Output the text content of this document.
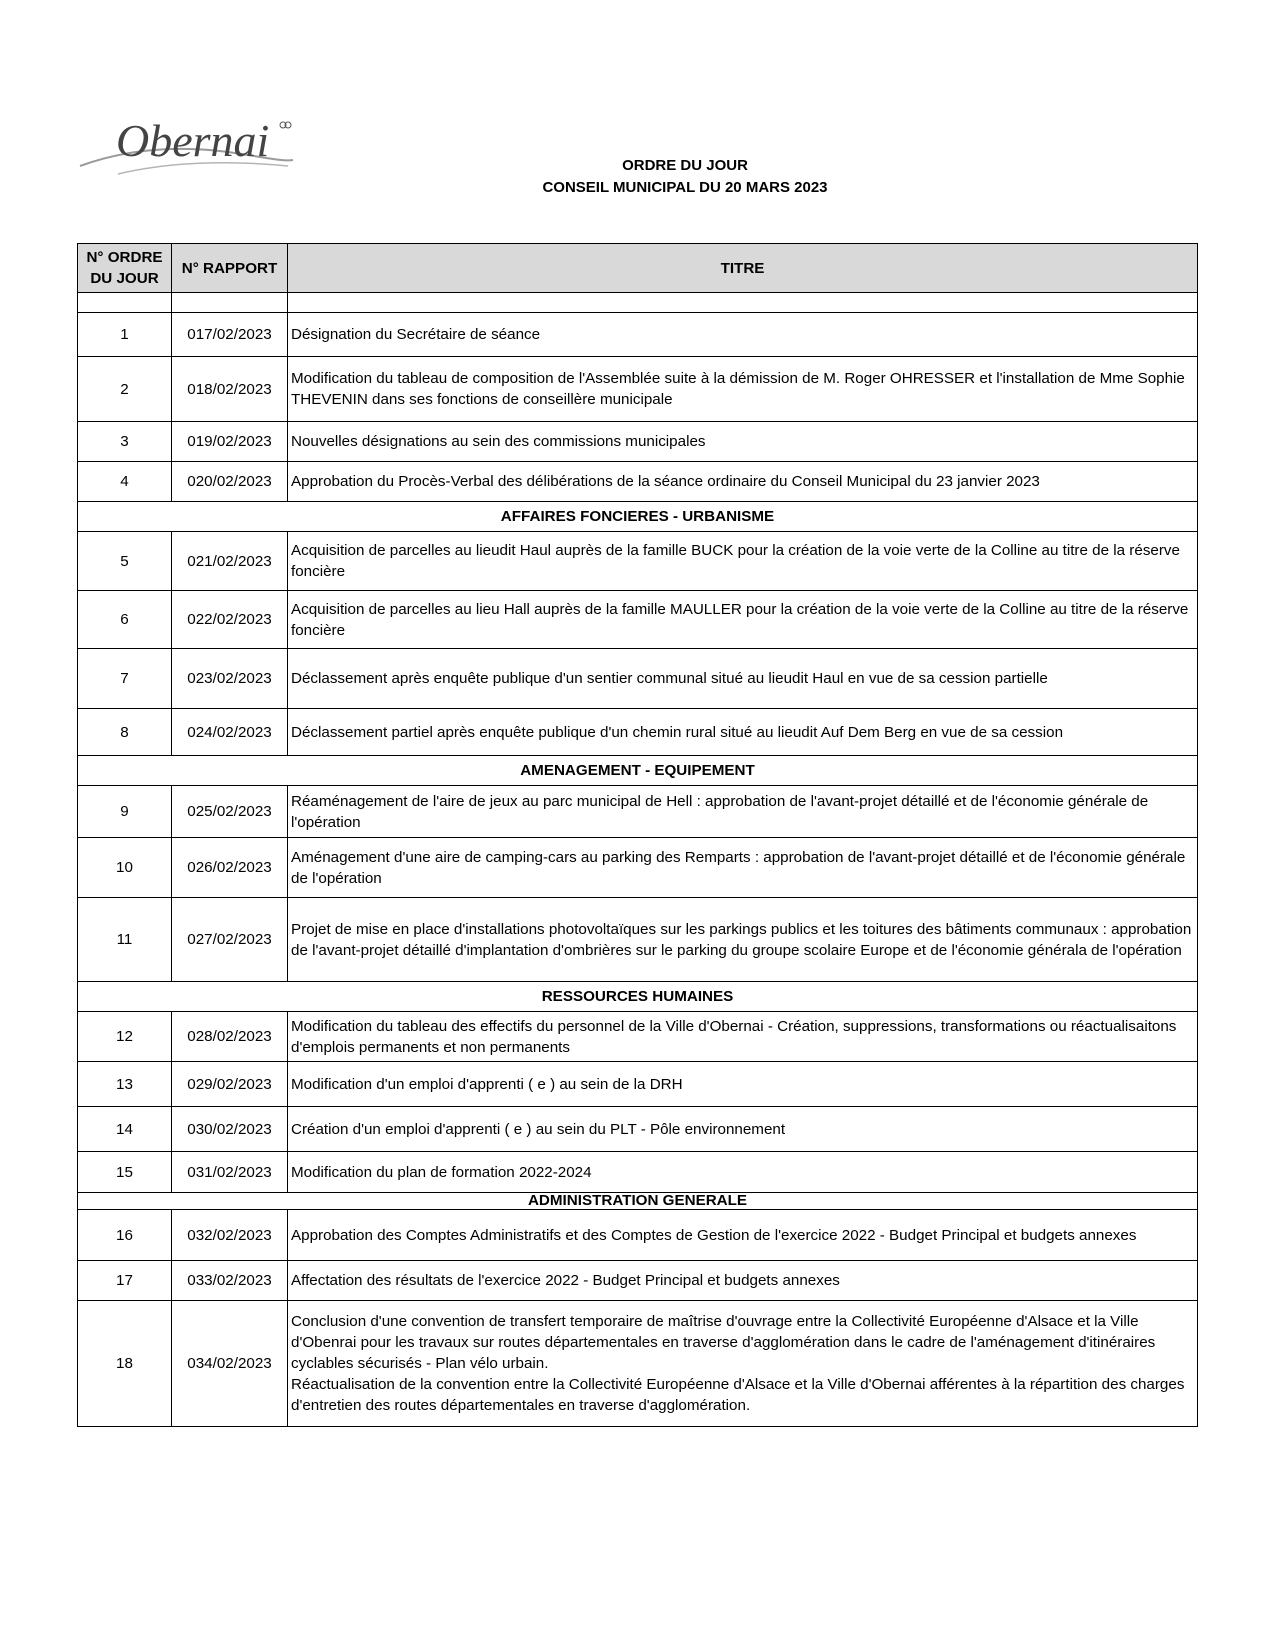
Obernai	ORDRE DU JOUR
CONSEIL MUNICIPAL DU 20 MARS 2023
N° ORDRE
DU JOUR	N° RAPPORT	TITRE

1	017/02/2023	Désignation du Secrétaire de séance

2	018/02/2023	Modification du tableau de composition de l'Assemblée suite à la démission de M. Roger OHRESSER et l'installation de Mme Sophie THEVENIN dans ses fonctions de conseillère municipale

3	019/02/2023	Nouvelles désignations au sein des commissions municipales

4	020/02/2023	Approbation du Procès-Verbal des délibérations de la séance ordinaire du Conseil Municipal du 23 janvier 2023

AFFAIRES FONCIERES - URBANISME		
5	021/02/2023	Acquisition de parcelles au lieudit Haul auprès de la famille BUCK pour la création de la voie verte de la Colline au titre de la réserve foncière

6	022/02/2023	Acquisition de parcelles au lieu Hall auprès de la famille MAULLER pour la création de la voie verte de la Colline au titre de la réserve foncière

7	023/02/2023	Déclassement après enquête publique d'un sentier communal situé au lieudit Haul en vue de sa cession partielle

8	024/02/2023	Déclassement partiel après enquête publique d'un chemin rural situé au lieudit Auf Dem Berg en vue de sa cession

AMENAGEMENT - EQUIPEMENT		
9	025/02/2023	Réaménagement de l'aire de jeux au parc municipal de Hell : approbation de l'avant-projet détaillé et de l'économie générale de l'opération

10	026/02/2023	Aménagement d'une aire de camping-cars au parking des Remparts : approbation de l'avant-projet détaillé et de l'économie générale de l'opération

11	027/02/2023	Projet de mise en place d'installations photovoltaïques sur les parkings publics et les toitures des bâtiments communaux : approbation de l'avant-projet détaillé d'implantation d'ombrières sur le parking du groupe scolaire Europe et de l'économie générala de l'opération

RESSOURCES HUMAINES		
12	028/02/2023	Modification du tableau des effectifs du personnel de la Ville d'Obernai - Création, suppressions, transformations ou réactualisaitons d'emplois permanents et non permanents

13	029/02/2023	Modification d'un emploi d'apprenti ( e ) au sein de la DRH

14	030/02/2023	Création d'un emploi d'apprenti ( e ) au sein du PLT - Pôle environnement

15	031/02/2023	Modification du plan de formation 2022-2024

ADMINISTRATION GENERALE		
16	032/02/2023	Approbation des Comptes Administratifs et des Comptes de Gestion de l'exercice 2022 - Budget Principal et budgets annexes

17	033/02/2023	Affectation des résultats de l'exercice 2022 - Budget Principal et budgets annexes

18	034/02/2023	Conclusion d'une convention de transfert temporaire de maîtrise d'ouvrage entre la Collectivité Européenne d'Alsace et la Ville d'Obenrai pour les travaux sur routes départementales en traverse d'agglomération dans le cadre de l'aménagement d'itinéraires cyclables sécurisés - Plan vélo urbain.
Réactualisation de la convention entre la Collectivité Européenne d'Alsace et la Ville d'Obernai afférentes à la répartition des charges d'entretien des routes départementales en traverse d'agglomération.
